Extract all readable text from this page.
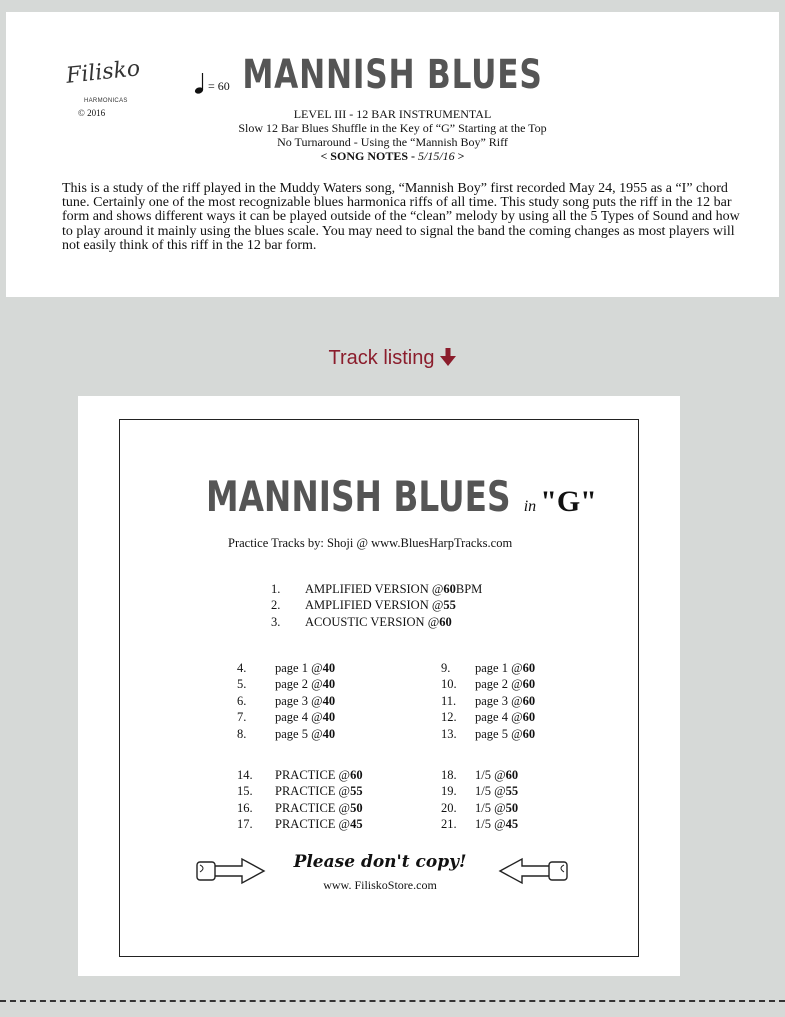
Filisko
HARMONICAS
© 2016
= 60 MANNISH BLUES
LEVEL III - 12 BAR INSTRUMENTAL
Slow 12 Bar Blues Shuffle in the Key of “G” Starting at the Top
No Turnaround - Using the “Mannish Boy” Riff
< SONG NOTES - 5/15/16 >

This is a study of the riff played in the Muddy Waters song, “Mannish Boy” first recorded May 24, 1955 as a “I” chord tune. Certainly one of the most recognizable blues harmonica riffs of all time. This study song puts the riff in the 12 bar form and shows different ways it can be played outside of the “clean” melody by using all the 5 Types of Sound and how to play around it mainly using the blues scale. You may need to signal the band the coming changes as most players will not easily think of this riff in the 12 bar form.

Track listing
MANNISH BLUES in "G"
Practice Tracks by: Shoji @ www.BluesHarpTracks.com
1.	AMPLIFIED VERSION @ 60 BPM
2.	AMPLIFIED VERSION @ 55
3.	ACOUSTIC VERSION @ 60
4.	page 1 @ 40
5.	page 2 @ 40
6.	page 3 @ 40
7.	page 4 @ 40
8.	page 5 @ 40
9.	page 1 @ 60
10.	page 2 @ 60
11.	page 3 @ 60
12.	page 4 @ 60
13.	page 5 @ 60
14.	PRACTICE @ 60
15.	PRACTICE @ 55
16.	PRACTICE @ 50
17.	PRACTICE @ 45
18.	1/5 @ 60
19.	1/5 @ 55
20.	1/5 @ 50
21.	1/5 @ 45
Please don't copy!
www. FiliskoStore.com
